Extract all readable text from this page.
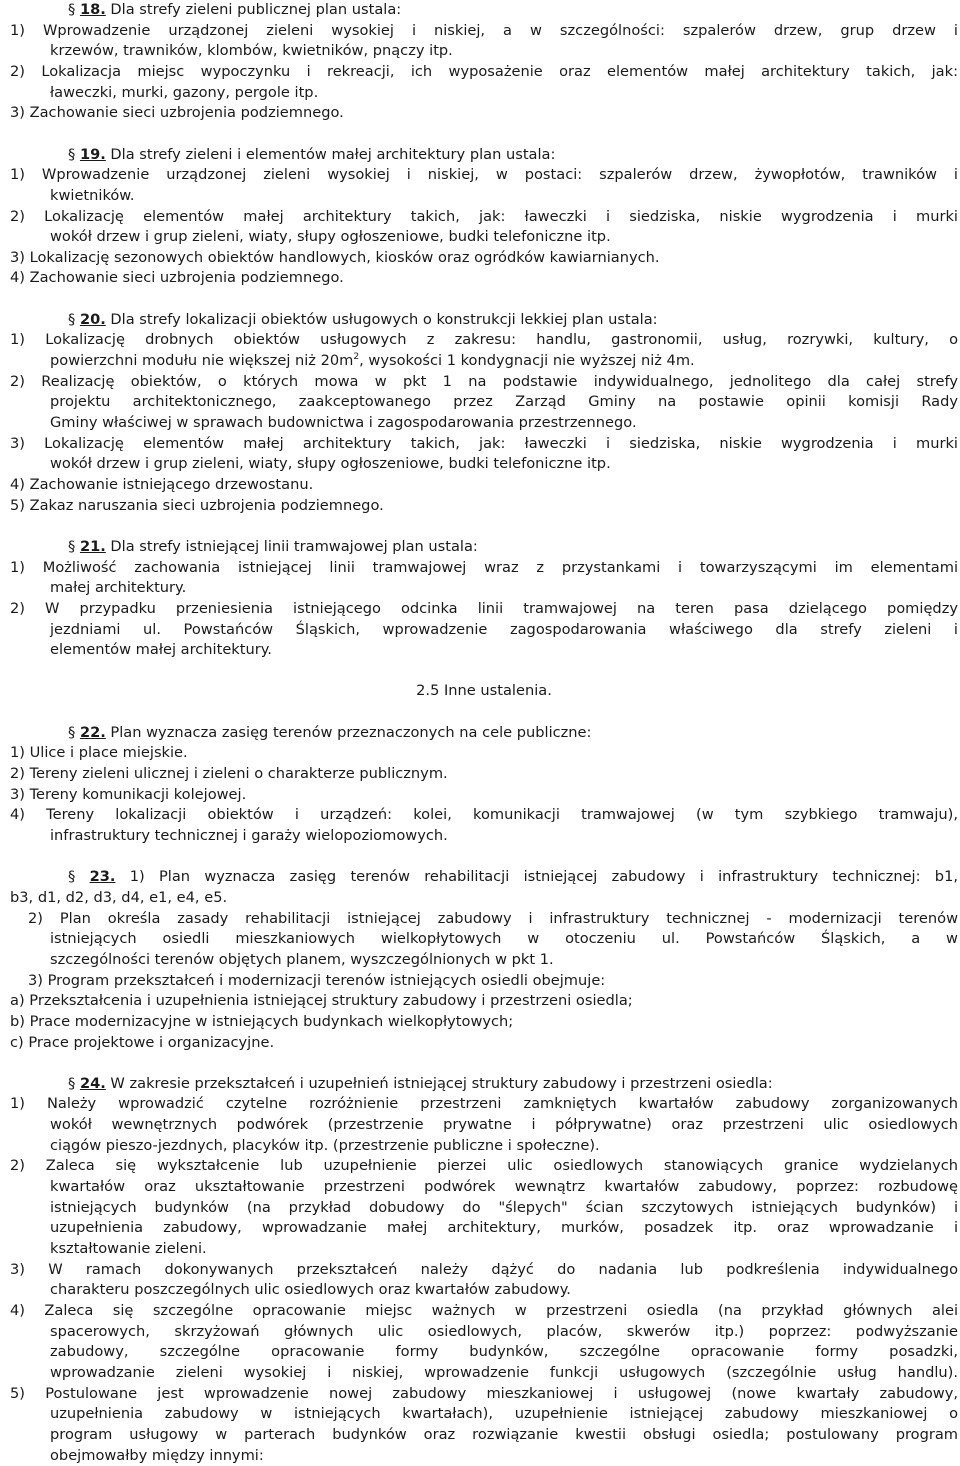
§ 18. Dla strefy zieleni publicznej plan ustala:
1) Wprowadzenie urządzonej zieleni wysokiej i niskiej, a w szczególności: szpalerów drzew, grup drzew i
krzewów, trawników, klombów, kwietników, pnączy itp.
2) Lokalizacja miejsc wypoczynku i rekreacji, ich wyposażenie oraz elementów małej architektury takich, jak:
ławeczki, murki, gazony, pergole itp.
3) Zachowanie sieci uzbrojenia podziemnego.
§ 19. Dla strefy zieleni i elementów małej architektury plan ustala:
1) Wprowadzenie urządzonej zieleni wysokiej i niskiej, w postaci: szpalerów drzew, żywopłotów, trawników i
kwietników.
2) Lokalizację elementów małej architektury takich, jak: ławeczki i siedziska, niskie wygrodzenia i murki
wokół drzew i grup zieleni, wiaty, słupy ogłoszeniowe, budki telefoniczne itp.
3) Lokalizację sezonowych obiektów handlowych, kiosków oraz ogródków kawiarnianych.
4) Zachowanie sieci uzbrojenia podziemnego.
§ 20. Dla strefy lokalizacji obiektów usługowych o konstrukcji lekkiej plan ustala:
1) Lokalizację drobnych obiektów usługowych z zakresu: handlu, gastronomii, usług, rozrywki, kultury, o
powierzchni modułu nie większej niż $20m^2$, wysokości 1 kondygnacji nie wyższej niż 4m.
2) Realizację obiektów, o których mowa w pkt 1 na podstawie indywidualnego, jednolitego dla całej strefy
projektu architektonicznego, zaakceptowanego przez Zarząd Gminy na postawie opinii komisji Rady
Gminy właściwej w sprawach budownictwa i zagospodarowania przestrzennego.
3) Lokalizację elementów małej architektury takich, jak: ławeczki i siedziska, niskie wygrodzenia i murki
wokół drzew i grup zieleni, wiaty, słupy ogłoszeniowe, budki telefoniczne itp.
4) Zachowanie istniejącego drzewostanu.
5) Zakaz naruszania sieci uzbrojenia podziemnego.
§ 21. Dla strefy istniejącej linii tramwajowej plan ustala:
1) Możliwość zachowania istniejącej linii tramwajowej wraz z przystankami i towarzyszącymi im elementami
małej architektury.
2) W przypadku przeniesienia istniejącego odcinka linii tramwajowej na teren pasa dzielącego pomiędzy
jezdniami ul. Powstańców Śląskich, wprowadzenie zagospodarowania właściwego dla strefy zieleni i
elementów małej architektury.
2.5 Inne ustalenia.
§ 22. Plan wyznacza zasięg terenów przeznaczonych na cele publiczne:
1) Ulice i place miejskie.
2) Tereny zieleni ulicznej i zieleni o charakterze publicznym.
3) Tereny komunikacji kolejowej.
4) Tereny lokalizacji obiektów i urządzeń: kolei, komunikacji tramwajowej (w tym szybkiego tramwaju),
infrastruktury technicznej i garaży wielopoziomowych.
§ 23. 1) Plan wyznacza zasięg terenów rehabilitacji istniejącej zabudowy i infrastruktury technicznej: b1,
b3, d1, d2, d3, d4, e1, e4, e5.
2) Plan określa zasady rehabilitacji istniejącej zabudowy i infrastruktury technicznej - modernizacji terenów
istniejących osiedli mieszkaniowych wielkopłytowych w otoczeniu ul. Powstańców Śląskich, a w
szczególności terenów objętych planem, wyszczególnionych w pkt 1.
3) Program przekształceń i modernizacji terenów istniejących osiedli obejmuje:
a) Przekształcenia i uzupełnienia istniejącej struktury zabudowy i przestrzeni osiedla;
b) Prace modernizacyjne w istniejących budynkach wielkopłytowych;
c) Prace projektowe i organizacyjne.
§ 24. W zakresie przekształceń i uzupełnień istniejącej struktury zabudowy i przestrzeni osiedla:
1) Należy wprowadzić czytelne rozróżnienie przestrzeni zamkniętych kwartałów zabudowy zorganizowanych
wokół wewnętrznych podwórek (przestrzenie prywatne i półprywatne) oraz przestrzeni ulic osiedlowych
ciągów pieszo-jezdnych, placyków itp. (przestrzenie publiczne i społeczne).
2) Zaleca się wykształcenie lub uzupełnienie pierzei ulic osiedlowych stanowiących granice wydzielanych
kwartałów oraz ukształtowanie przestrzeni podwórek wewnątrz kwartałów zabudowy, poprzez: rozbudowę
istniejących budynków (na przykład dobudowy do "ślepych" ścian szczytowych istniejących budynków) i
uzupełnienia zabudowy, wprowadzanie małej architektury, murków, posadzek itp. oraz wprowadzanie i
kształtowanie zieleni.
3) W ramach dokonywanych przekształceń należy dążyć do nadania lub podkreślenia indywidualnego
charakteru poszczególnych ulic osiedlowych oraz kwartałów zabudowy.
4) Zaleca się szczególne opracowanie miejsc ważnych w przestrzeni osiedla (na przykład głównych alei
spacerowych, skrzyżowań głównych ulic osiedlowych, placów, skwerów itp.) poprzez: podwyższanie
zabudowy, szczególne opracowanie formy budynków, szczególne opracowanie formy posadzki,
wprowadzanie zieleni wysokiej i niskiej, wprowadzenie funkcji usługowych (szczególnie usług handlu).
5) Postulowane jest wprowadzenie nowej zabudowy mieszkaniowej i usługowej (nowe kwartały zabudowy,
uzupełnienia zabudowy w istniejących kwartałach), uzupełnienie istniejącej zabudowy mieszkaniowej o
program usługowy w parterach budynków oraz rozwiązanie kwestii obsługi osiedla; postulowany program
obejmowałby między innymi:
